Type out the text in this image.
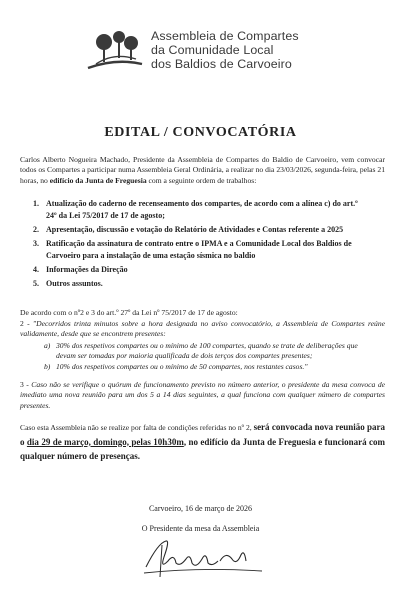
Assembleia de Compartes
da Comunidade Local
dos Baldios de Carvoeiro
EDITAL / CONVOCATÓRIA
Carlos Alberto Nogueira Machado, Presidente da Assembleia de Compartes do Baldio de Carvoeiro, vem convocar todos os Compartes a participar numa Assembleia Geral Ordinária, a realizar no dia 23/03/2026, segunda-feira, pelas 21 horas, no edifício da Junta de Freguesia com a seguinte ordem de trabalhos:
1. Atualização do caderno de recenseamento dos compartes, de acordo com a alínea c) do art.º 24º da Lei 75/2017 de 17 de agosto;
2. Apresentação, discussão e votação do Relatório de Atividades e Contas referente a 2025
3. Ratificação da assinatura de contrato entre o IPMA e a Comunidade Local dos Baldios de Carvoeiro para a instalação de uma estação sísmica no baldio
4. Informações da Direção
5. Outros assuntos.
De acordo com o nº2 e 3 do art.º 27º da Lei nº 75/2017 de 17 de agosto:
2 - "Decorridos trinta minutos sobre a hora designada no aviso convocatório, a Assembleia de Compartes reúne validamente, desde que se encontrem presentes:
a) 30% dos respetivos compartes ou o mínimo de 100 compartes, quando se trate de deliberações que devam ser tomadas por maioria qualificada de dois terços dos compartes presentes;
b) 10% dos respetivos compartes ou o mínimo de 50 compartes, nos restantes casos."
3 - Caso não se verifique o quórum de funcionamento previsto no número anterior, o presidente da mesa convoca de imediato uma nova reunião para um dos 5 a 14 dias seguintes, a qual funciona com qualquer número de compartes presentes.
Caso esta Assembleia não se realize por falta de condições referidas no nº 2, será convocada nova reunião para o dia 29 de março, domingo, pelas 10h30m, no edifício da Junta de Freguesia e funcionará com qualquer número de presenças.
Carvoeiro, 16 de março de 2026
O Presidente da mesa da Assembleia
